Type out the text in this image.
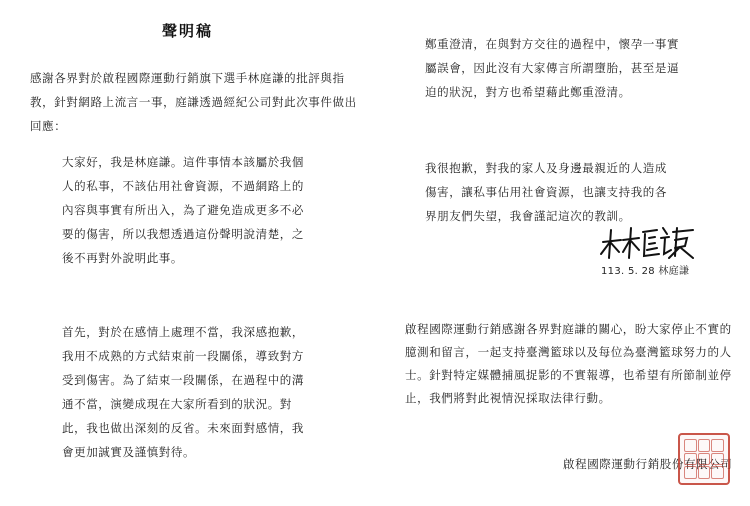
聲明稿

感謝各界對於啟程國際運動行銷旗下選手林庭謙的批評與指教，針對網路上流言一事，庭謙透過經紀公司對此次事件做出回應：

大家好，我是林庭謙。這件事情本該屬於我個人的私事，不該佔用社會資源，不過網路上的內容與事實有所出入，為了避免造成更多不必要的傷害，所以我想透過這份聲明說清楚，之後不再對外說明此事。

首先，對於在感情上處理不當，我深感抱歉，我用不成熟的方式結束前一段關係，導致對方受到傷害。為了結束一段關係，在過程中的溝通不當，演變成現在大家所看到的狀況。對此，我也做出深刻的反省。未來面對感情，我會更加誠實及謹慎對待。

鄭重澄清，在與對方交往的過程中，懷孕一事實屬誤會，因此沒有大家傳言所謂墮胎，甚至是逼迫的狀況，對方也希望藉此鄭重澄清。

我很抱歉，對我的家人及身邊最親近的人造成傷害，讓私事佔用社會資源，也讓支持我的各界朋友們失望，我會謹記這次的教訓。

113. 5. 28 林庭謙

啟程國際運動行銷感謝各界對庭謙的關心，盼大家停止不實的臆測和留言，一起支持臺灣籃球以及每位為臺灣籃球努力的人士。針對特定媒體捕風捉影的不實報導，也希望有所節制並停止，我們將對此視情況採取法律行動。

啟程國際運動行銷股份有限公司
